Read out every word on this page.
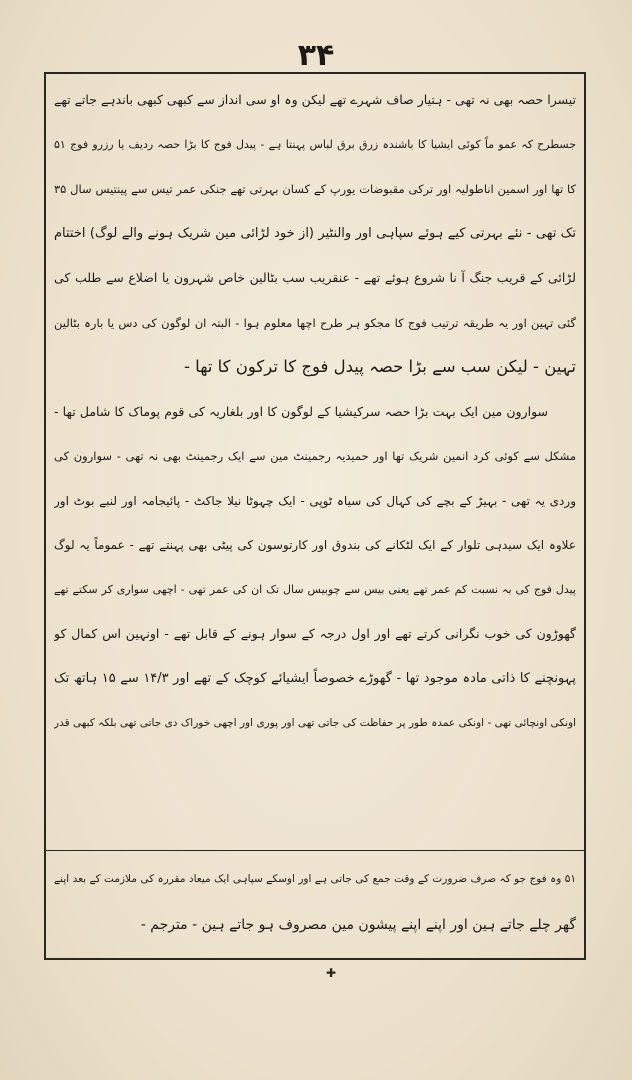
۳۴
تیسرا حصہ بھی نہ تھی - ہتیار صاف شہرے تھے لیکن وہ او سی انداز سے کبھی کبھی باندہے جاتے تھے
جسطرح کہ عمو ماً کوئی ایشیا کا باشندہ زرق برق لباس پہنتا ہے - پیدل فوج کا بڑا حصہ ردیف یا رزرو فوج ۵۱
کا تھا اور اسمین اناطولیہ اور ترکی مقبوضات یورپ کے کسان بہرتی تھے جنکی عمر تیس سے پینتیس سال ۳۵
تک تھی - نئے بہرتی کیے ہوئے سپاہی اور والنٹیر (از خود لڑائی مین شریک ہونے والے لوگ) اختتام
لڑائی کے قریب جنگ آ نا شروع ہوئے تھے - عنقریب سب بٹالین خاص شہرون یا اضلاع سے طلب کی
گئی تہین اور یہ طریقہ ترتیب فوج کا مجکو ہر طرح اچھا معلوم ہوا - البتہ ان لوگون کی دس یا بارہ بٹالین
تہین - لیکن سب سے بڑا حصہ پیدل فوج کا ترکون کا تھا -
سوارون مین ایک بہت بڑا حصہ سرکیشیا کے لوگون کا اور بلغاریہ کی قوم پوماک کا شامل تھا -
مشکل سے کوئی کرد انمین شریک تھا اور حمیدیہ رجمینٹ مین سے ایک رجمینٹ بھی نہ تھی - سوارون کی
وردی یہ تھی - بہیڑ کے بچے کی کہال کی سیاہ ٹوپی - ایک چہوٹا نیلا جاکٹ - پائیجامہ اور لنبے بوٹ اور
علاوہ ایک سیدہی تلوار کے ایک لٹکانے کی بندوق اور کارتوسون کی پیٹی بھی پہنتے تھے - عموماً یہ لوگ
پیدل فوج کی بہ نسبت کم عمر تھے یعنی بیس سے چوبیس سال تک ان کی عمر تھی - اچھی سواری کر سکتے تھے
گھوڑون کی خوب نگرانی کرتے تھے اور اول درجہ کے سوار ہونے کے قابل تھے - اونہین اس کمال کو
پہونچنے کا ذاتی مادہ موجود تھا - گھوڑے خصوصاً ایشیائے کوچک کے تھے اور ۱۴/۳ سے ۱۵ ہاتھ تک
اونکی اونچائی تھی - اونکی عمدہ طور پر حفاظت کی جاتی تھی اور پوری اور اچھی خوراک دی جاتی تھی بلکہ کبھی قدر
۵۱ وہ فوج جو کہ صرف ضرورت کے وقت جمع کی جاتی ہے اور اوسکے سپاہی ایک میعاد مقررہ کی ملازمت کے بعد اپنے
گھر چلے جاتے ہین اور اپنے اپنے پیشون مین مصروف ہو جاتے ہین - مترجم -
✚
